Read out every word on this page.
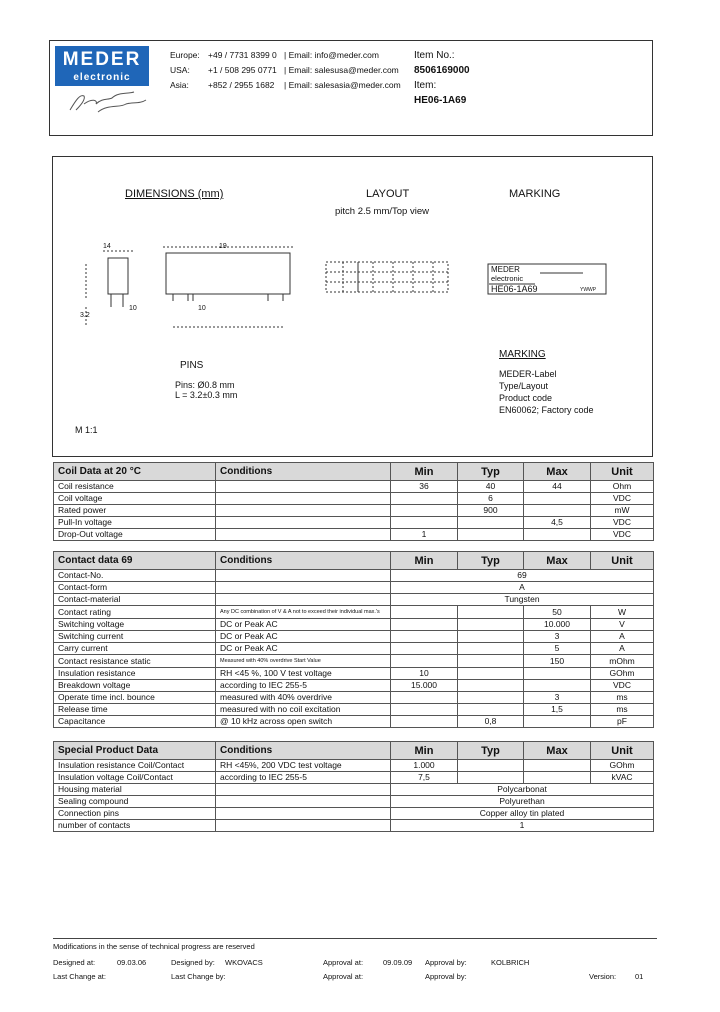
MEDER
electronic
Europe: +49 / 7731 8399 0 | Email: info@meder.com
USA:	+1 / 508 295 0771 | Email: salesusa@meder.com
Asia:	+852 / 2955 1682	| Email: salesasia@meder.com
Item No.:
8506169000
Item:
HE06-1A69
DIMENSIONS (mm)	LAYOUT
pitch 2.5 mm/Top view
MARKING
14	19
10
3.2
10
MEDER
electronic
HE06-1A69	YWWP
PINS
Pins: Ø0.8 mm
L = 3.2±0.3 mm
MARKING
MEDER-Label
Type/Layout
Product code
EN60062; Factory code
M 1:1
Coil Data at 20 °C	Conditions	Min	Typ	Max	Unit
Coil resistance		36	40	44	Ohm
Coil voltage			6		VDC
Rated power			900		mW
Pull-In voltage				4,5	VDC
Drop-Out voltage		1			VDC
Contact data 69	Conditions	Min	Typ	Max	Unit
Contact-No.		69			
Contact-form		A			
Contact-material		Tungsten			
Contact rating	Any DC combination of V & A not to exceed their individual max.'s			50	W
Switching voltage	DC or Peak AC			10.000	V
Switching current	DC or Peak AC			3	A
Carry current	DC or Peak AC			5	A
Contact resistance static	Measured with 40% overdrive Start Value			150	mOhm
Insulation resistance	RH <45 %, 100 V test voltage	10			GOhm
Breakdown voltage	according to IEC 255-5	15.000			VDC
Operate time incl. bounce	measured with 40% overdrive			3	ms
Release time	measured with no coil excitation			1,5	ms
Capacitance	@ 10 kHz across open switch		0,8		pF
Special Product Data	Conditions	Min	Typ	Max	Unit
Insulation resistance Coil/Contact	RH <45%, 200 VDC test voltage	1.000			GOhm
Insulation voltage Coil/Contact	according to IEC 255-5	7,5			kVAC
Housing material		Polycarbonat			
Sealing compound		Polyurethan			
Connection pins		Copper alloy tin plated			
number of contacts		1			
Modifications in the sense of technical progress are reserved
Designed at:	09.03.06	Designed by: WKOVACS	Approval at:	09.09.09 Approval by:	KOLBRICH
Last Change at:	Last Change by:	Approval at:	Approval by:	Version:	01
